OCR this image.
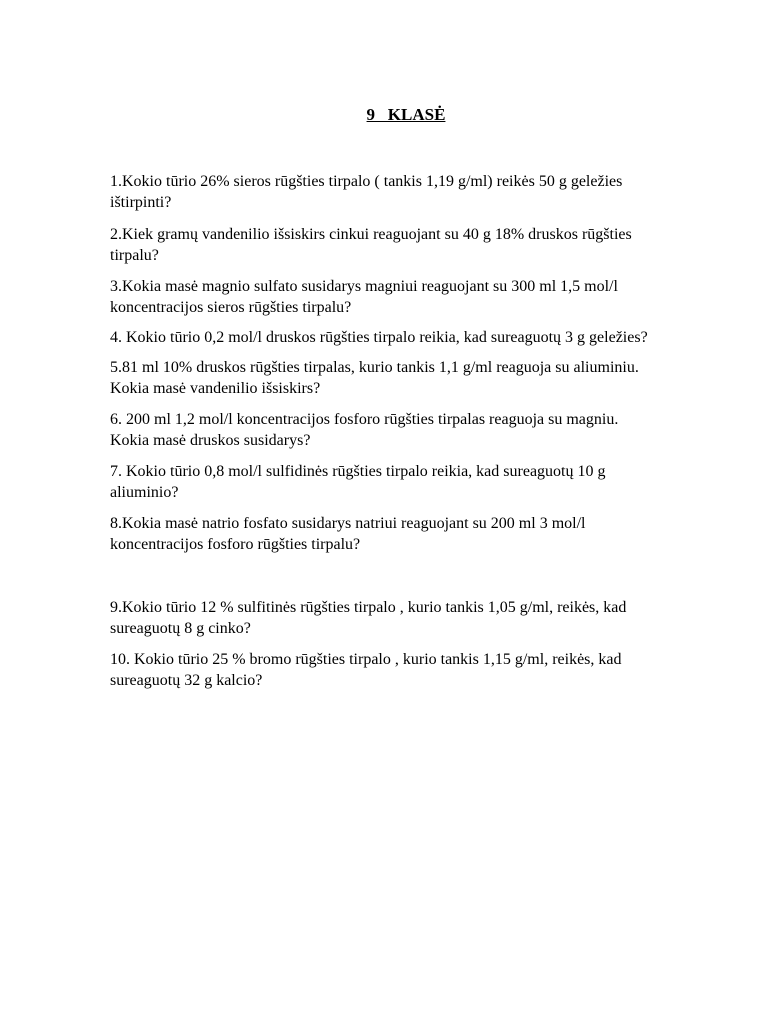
9   KLASĖ

1.Kokio tūrio 26% sieros rūgšties tirpalo ( tankis 1,19 g/ml) reikės 50 g geležies
ištirpinti?

2.Kiek gramų vandenilio išsiskirs cinkui reaguojant su 40 g 18% druskos rūgšties
tirpalu?

3.Kokia masė magnio sulfato susidarys magniui reaguojant su 300 ml 1,5 mol/l
koncentracijos sieros rūgšties tirpalu?

4. Kokio tūrio 0,2 mol/l druskos rūgšties tirpalo reikia, kad sureaguotų 3 g geležies?

5.81 ml 10% druskos rūgšties tirpalas, kurio tankis 1,1 g/ml reaguoja su aliuminiu.
Kokia masė vandenilio išsiskirs?

6. 200 ml 1,2 mol/l koncentracijos fosforo rūgšties tirpalas reaguoja su magniu.
Kokia masė druskos susidarys?

7. Kokio tūrio 0,8 mol/l sulfidinės rūgšties tirpalo reikia, kad sureaguotų 10 g
aliuminio?

8.Kokia masė natrio fosfato susidarys natriui reaguojant su 200 ml 3 mol/l
koncentracijos fosforo rūgšties tirpalu?

9.Kokio tūrio 12 % sulfitinės rūgšties tirpalo , kurio tankis 1,05 g/ml, reikės, kad
sureaguotų 8 g cinko?

10. Kokio tūrio 25 % bromo rūgšties tirpalo , kurio tankis 1,15 g/ml, reikės, kad
sureaguotų 32 g kalcio?
